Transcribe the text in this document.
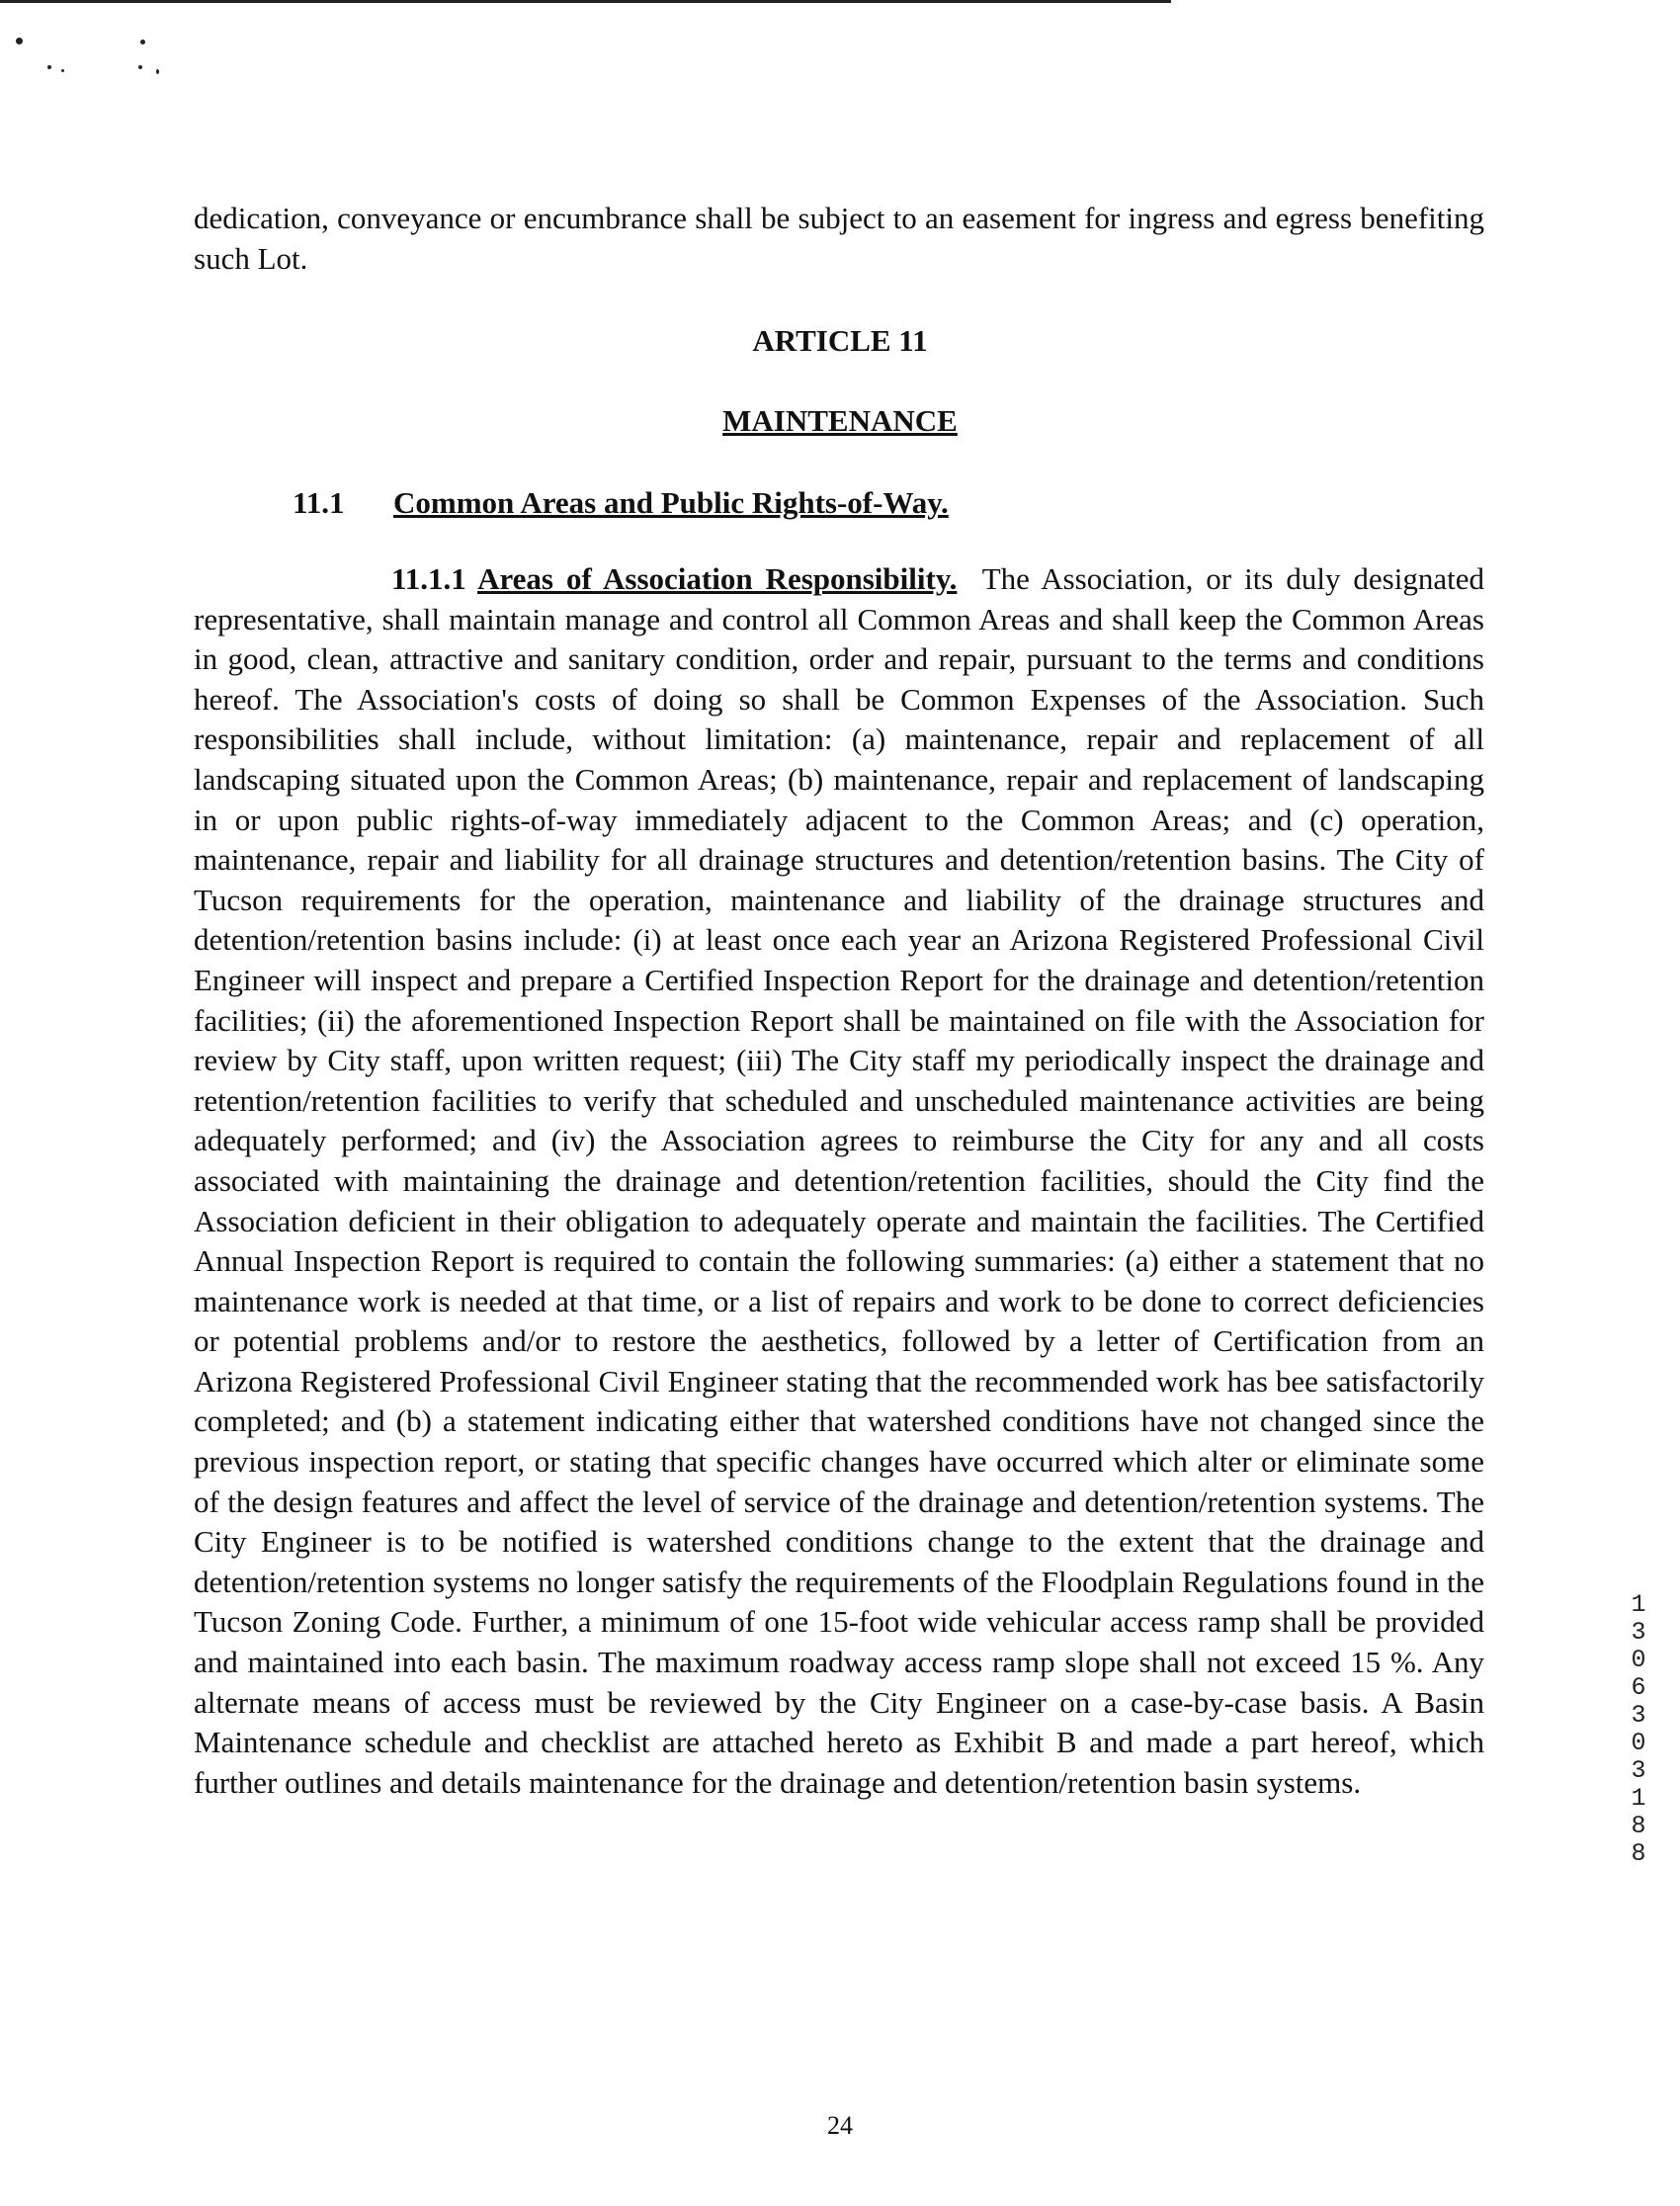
dedication, conveyance or encumbrance shall be subject to an easement for ingress and egress benefiting such Lot.

ARTICLE 11
MAINTENANCE
11.1 Common Areas and Public Rights-of-Way.

11.1.1 Areas of Association Responsibility. The Association, or its duly designated representative, shall maintain manage and control all Common Areas and shall keep the Common Areas in good, clean, attractive and sanitary condition, order and repair, pursuant to the terms and conditions hereof. The Association's costs of doing so shall be Common Expenses of the Association. Such responsibilities shall include, without limitation: (a) maintenance, repair and replacement of all landscaping situated upon the Common Areas; (b) maintenance, repair and replacement of landscaping in or upon public rights-of-way immediately adjacent to the Common Areas; and (c) operation, maintenance, repair and liability for all drainage structures and detention/retention basins. The City of Tucson requirements for the operation, maintenance and liability of the drainage structures and detention/retention basins include: (i) at least once each year an Arizona Registered Professional Civil Engineer will inspect and prepare a Certified Inspection Report for the drainage and detention/retention facilities; (ii) the aforementioned Inspection Report shall be maintained on file with the Association for review by City staff, upon written request; (iii) The City staff my periodically inspect the drainage and retention/retention facilities to verify that scheduled and unscheduled maintenance activities are being adequately performed; and (iv) the Association agrees to reimburse the City for any and all costs associated with maintaining the drainage and detention/retention facilities, should the City find the Association deficient in their obligation to adequately operate and maintain the facilities. The Certified Annual Inspection Report is required to contain the following summaries: (a) either a statement that no maintenance work is needed at that time, or a list of repairs and work to be done to correct deficiencies or potential problems and/or to restore the aesthetics, followed by a letter of Certification from an Arizona Registered Professional Civil Engineer stating that the recommended work has bee satisfactorily completed; and (b) a statement indicating either that watershed conditions have not changed since the previous inspection report, or stating that specific changes have occurred which alter or eliminate some of the design features and affect the level of service of the drainage and detention/retention systems. The City Engineer is to be notified is watershed conditions change to the extent that the drainage and detention/retention systems no longer satisfy the requirements of the Floodplain Regulations found in the Tucson Zoning Code. Further, a minimum of one 15-foot wide vehicular access ramp shall be provided and maintained into each basin. The maximum roadway access ramp slope shall not exceed 15 %. Any alternate means of access must be reviewed by the City Engineer on a case-by-case basis. A Basin Maintenance schedule and checklist are attached hereto as Exhibit B and made a part hereof, which further outlines and details maintenance for the drainage and detention/retention basin systems.

24
13063 03188
